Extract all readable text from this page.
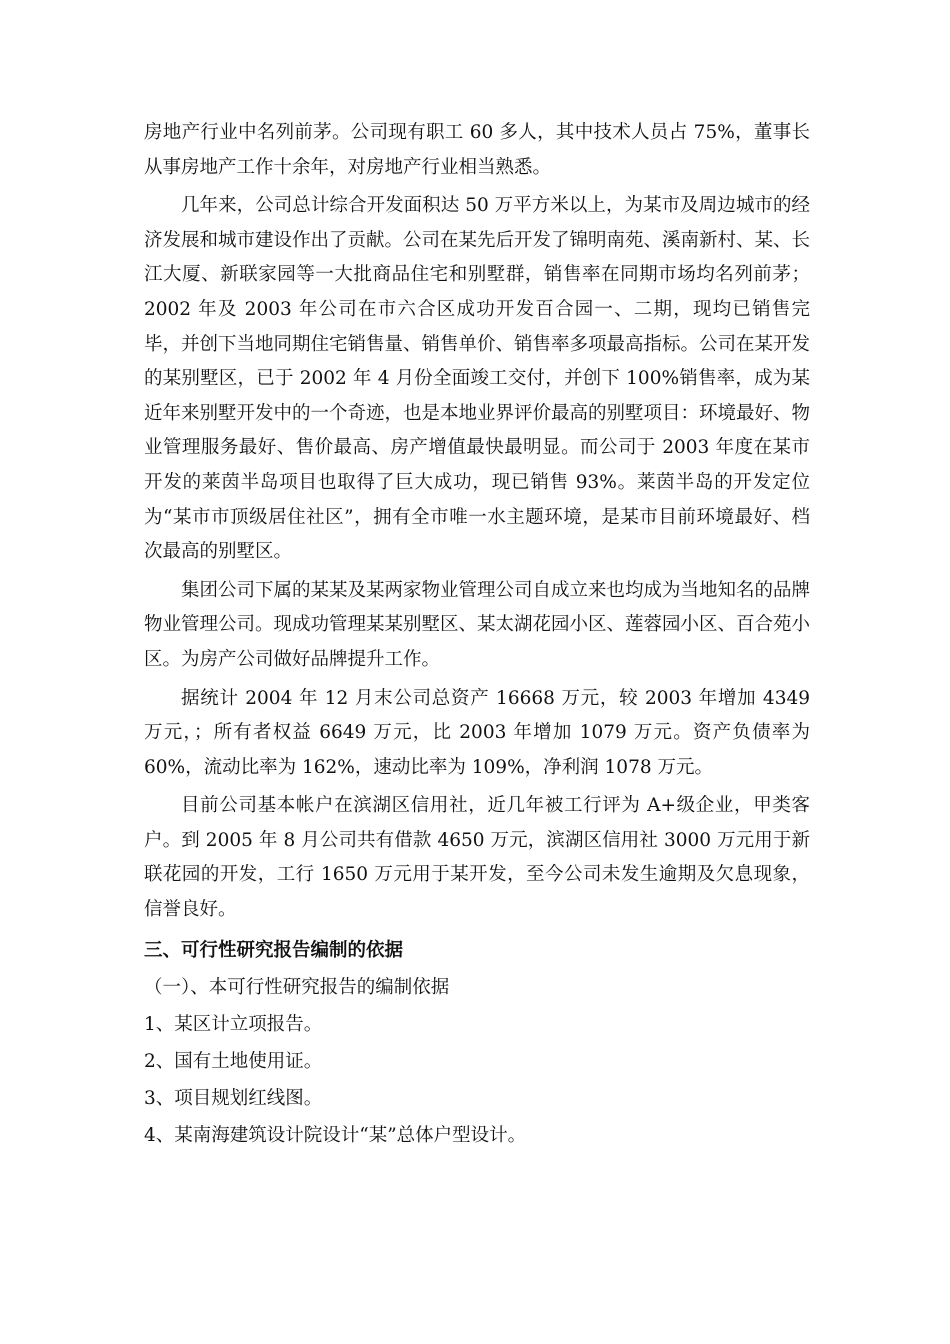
房地产行业中名列前茅。公司现有职工 60 多人，其中技术人员占 75%，董事长从事房地产工作十余年，对房地产行业相当熟悉。

几年来，公司总计综合开发面积达 50 万平方米以上，为某市及周边城市的经济发展和城市建设作出了贡献。公司在某先后开发了锦明南苑、溪南新村、某、长江大厦、新联家园等一大批商品住宅和别墅群，销售率在同期市场均名列前茅；2002 年及 2003 年公司在市六合区成功开发百合园一、二期，现均已销售完毕，并创下当地同期住宅销售量、销售单价、销售率多项最高指标。公司在某开发的某别墅区，已于 2002 年 4 月份全面竣工交付，并创下 100%销售率，成为某近年来别墅开发中的一个奇迹，也是本地业界评价最高的别墅项目：环境最好、物业管理服务最好、售价最高、房产增值最快最明显。而公司于 2003 年度在某市开发的莱茵半岛项目也取得了巨大成功，现已销售 93%。莱茵半岛的开发定位为“某市市顶级居住社区”，拥有全市唯一水主题环境，是某市目前环境最好、档次最高的别墅区。

集团公司下属的某某及某两家物业管理公司自成立来也均成为当地知名的品牌物业管理公司。现成功管理某某别墅区、某太湖花园小区、莲蓉园小区、百合苑小区。为房产公司做好品牌提升工作。

据统计 2004 年 12 月末公司总资产 16668 万元，较 2003 年增加 4349 万元，；所有者权益 6649 万元，比 2003 年增加 1079 万元。资产负债率为 60%，流动比率为 162%，速动比率为 109%，净利润 1078 万元。

目前公司基本帐户在滨湖区信用社，近几年被工行评为 A+级企业，甲类客户。到 2005 年 8 月公司共有借款 4650 万元，滨湖区信用社 3000 万元用于新联花园的开发，工行 1650 万元用于某开发，至今公司未发生逾期及欠息现象，信誉良好。

三、可行性研究报告编制的依据

（一）、本可行性研究报告的编制依据

1、某区计立项报告。

2、国有土地使用证。

3、项目规划红线图。

4、某南海建筑设计院设计“某”总体户型设计。
